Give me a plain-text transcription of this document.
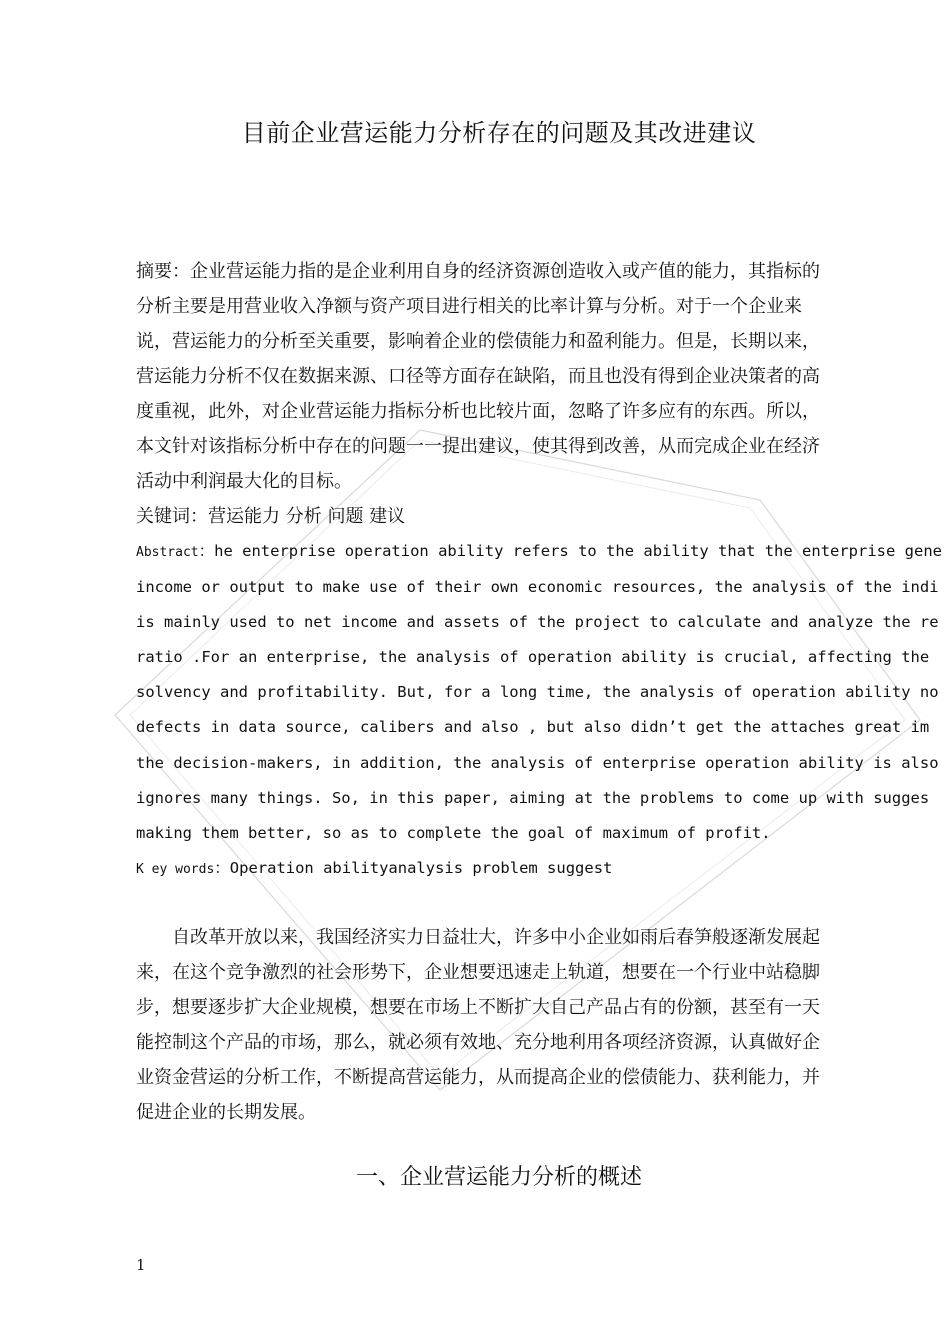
目前企业营运能力分析存在的问题及其改进建议
摘要：企业营运能力指的是企业利用自身的经济资源创造收入或产值的能力，其指标的
分析主要是用营业收入净额与资产项目进行相关的比率计算与分析。对于一个企业来
说，营运能力的分析至关重要，影响着企业的偿债能力和盈利能力。但是，长期以来，
营运能力分析不仅在数据来源、口径等方面存在缺陷，而且也没有得到企业决策者的高
度重视，此外，对企业营运能力指标分析也比较片面，忽略了许多应有的东西。所以，
本文针对该指标分析中存在的问题一一提出建议，使其得到改善，从而完成企业在经济
活动中利润最大化的目标。
关键词：营运能力 分析 问题 建议
Abstract：he enterprise operation ability refers to the ability that the enterprise gene
income or output to make use of their own economic resources, the analysis of the indi
is mainly used to net income and assets of the project to calculate and analyze the re
ratio .For an enterprise, the analysis of operation ability is crucial, affecting the
solvency and profitability. But, for a long time, the analysis of operation ability no
defects in data source, calibers and also , but also didn’t get the attaches great im
the decision-makers, in addition, the analysis of enterprise operation ability is also
ignores many things. So, in this paper, aiming at the problems to come up with sugges
making them better, so as to complete the goal of maximum of profit.
K ey words：Operation abilityanalysis problem suggest
自改革开放以来，我国经济实力日益壮大，许多中小企业如雨后春笋般逐渐发展起
来，在这个竞争激烈的社会形势下，企业想要迅速走上轨道，想要在一个行业中站稳脚
步，想要逐步扩大企业规模，想要在市场上不断扩大自己产品占有的份额，甚至有一天
能控制这个产品的市场，那么，就必须有效地、充分地利用各项经济资源，认真做好企
业资金营运的分析工作，不断提高营运能力，从而提高企业的偿债能力、获利能力，并
促进企业的长期发展。
一、企业营运能力分析的概述
1
